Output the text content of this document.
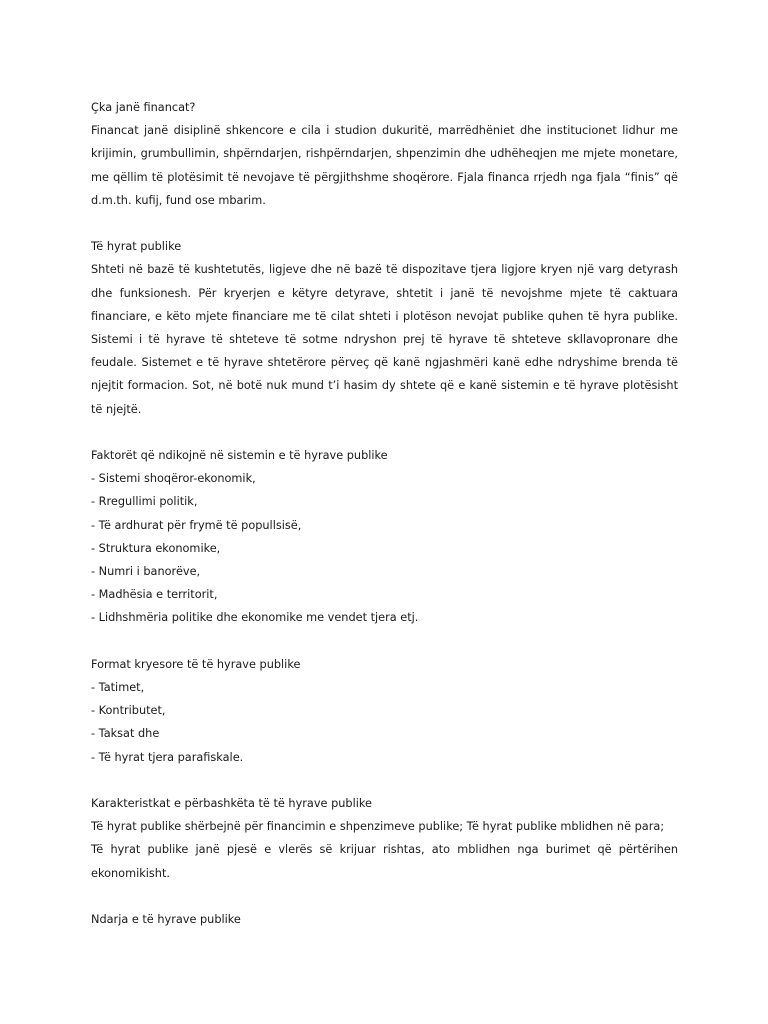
Çka janë financat?

Financat janë disiplinë shkencore e cila i studion dukuritë, marrëdhëniet dhe institucionet lidhur me krijimin, grumbullimin, shpërndarjen, rishpërndarjen, shpenzimin dhe udhëheqjen me mjete monetare, me qëllim të plotësimit të nevojave të përgjithshme shoqërore. Fjala financa rrjedh nga fjala “finis” që d.m.th. kufij, fund ose mbarim.

Të hyrat publike

Shteti në bazë të kushtetutës, ligjeve dhe në bazë të dispozitave tjera ligjore kryen një varg detyrash dhe funksionesh. Për kryerjen e këtyre detyrave, shtetit i janë të nevojshme mjete të caktuara financiare, e këto mjete financiare me të cilat shteti i plotëson nevojat publike quhen të hyra publike. Sistemi i të hyrave të shteteve të sotme ndryshon prej të hyrave të shteteve skllavopronare dhe feudale. Sistemet e të hyrave shtetërore përveç që kanë ngjashmëri kanë edhe ndryshime brenda të njejtit formacion. Sot, në botë nuk mund t’i hasim dy shtete që e kanë sistemin e të hyrave plotësisht të njejtë.

Faktorët që ndikojnë në sistemin e të hyrave publike

- Sistemi shoqëror-ekonomik,

- Rregullimi politik,

- Të ardhurat për frymë të popullsisë,

- Struktura ekonomike,

- Numri i banorëve,

- Madhësia e territorit,

- Lidhshmëria politike dhe ekonomike me vendet tjera etj.

Format kryesore të të hyrave publike

- Tatimet,

- Kontributet,

- Taksat dhe

- Të hyrat tjera parafiskale.

Karakteristkat e përbashkëta të të hyrave publike

Të hyrat publike shërbejnë për financimin e shpenzimeve publike; Të hyrat publike mblidhen në para;

Të hyrat publike janë pjesë e vlerës së krijuar rishtas, ato mblidhen nga burimet që përtërihen ekonomikisht.

Ndarja e të hyrave publike
